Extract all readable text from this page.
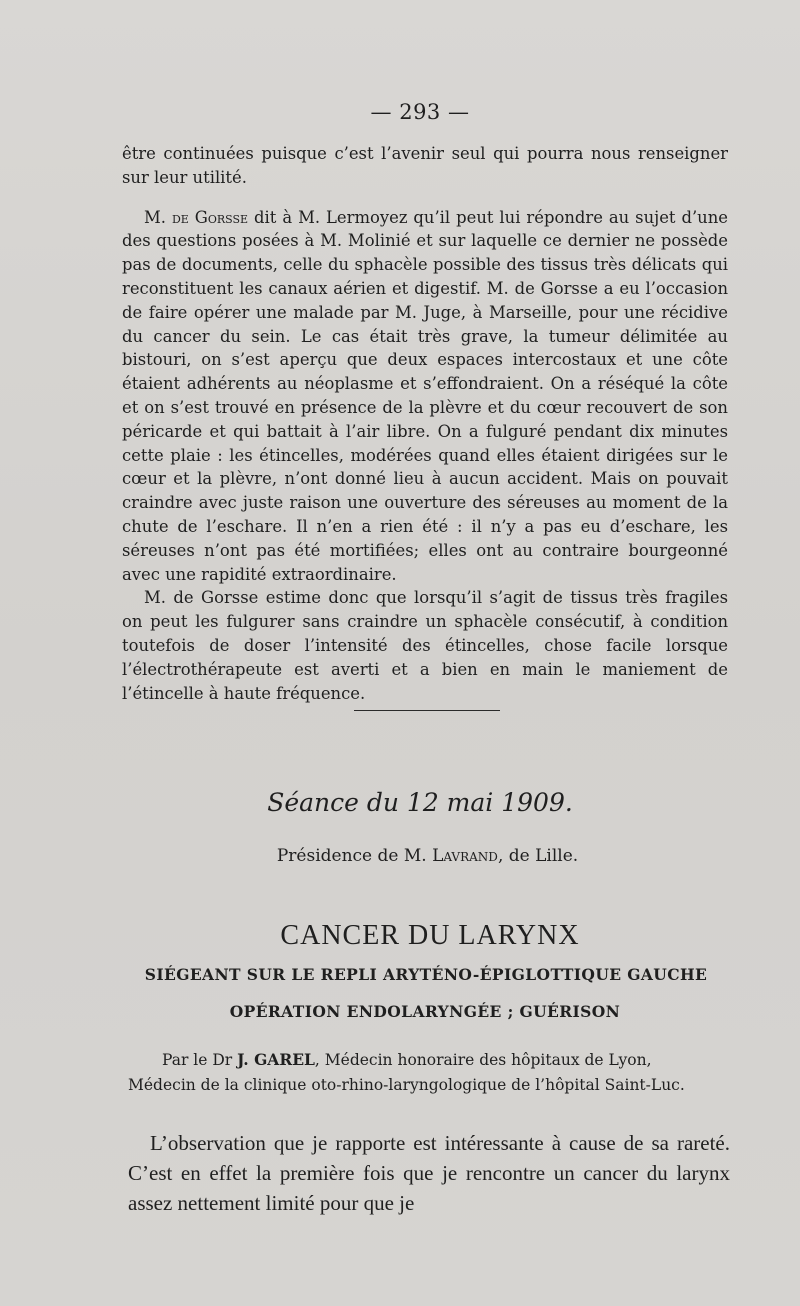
— 293 —

être continuées puisque c’est l’avenir seul qui pourra nous renseigner sur leur utilité.

M. de Gorsse dit à M. Lermoyez qu’il peut lui répondre au sujet d’une des questions posées à M. Molinié et sur laquelle ce dernier ne possède pas de documents, celle du sphacèle possible des tissus très délicats qui reconstituent les canaux aérien et digestif. M. de Gorsse a eu l’occasion de faire opérer une malade par M. Juge, à Marseille, pour une récidive du cancer du sein. Le cas était très grave, la tumeur délimitée au bistouri, on s’est aperçu que deux espaces intercostaux et une côte étaient adhérents au néoplasme et s’effondraient. On a réséqué la côte et on s’est trouvé en présence de la plèvre et du cœur recouvert de son péricarde et qui battait à l’air libre. On a fulguré pendant dix minutes cette plaie : les étincelles, modérées quand elles étaient dirigées sur le cœur et la plèvre, n’ont donné lieu à aucun accident. Mais on pouvait craindre avec juste raison une ouverture des séreuses au moment de la chute de l’eschare. Il n’en a rien été : il n’y a pas eu d’eschare, les séreuses n’ont pas été mortifiées; elles ont au contraire bourgeonné avec une rapidité extraordinaire.

M. de Gorsse estime donc que lorsqu’il s’agit de tissus très fragiles on peut les fulgurer sans craindre un sphacèle consécutif, à condition toutefois de doser l’intensité des étincelles, chose facile lorsque l’électrothérapeute est averti et a bien en main le maniement de l’étincelle à haute fréquence.

Séance du 12 mai 1909.
Présidence de M. Lavrand, de Lille.
CANCER DU LARYNX
SIÉGEANT SUR LE REPLI ARYTÉNO-ÉPIGLOTTIQUE GAUCHE
OPÉRATION ENDOLARYNGÉE ; GUÉRISON
Par le Dr J. GAREL, Médecin honoraire des hôpitaux de Lyon,
Médecin de la clinique oto-rhino-laryngologique de l’hôpital Saint-Luc.

L’observation que je rapporte est intéressante à cause de sa rareté. C’est en effet la première fois que je rencontre un cancer du larynx assez nettement limité pour que je
